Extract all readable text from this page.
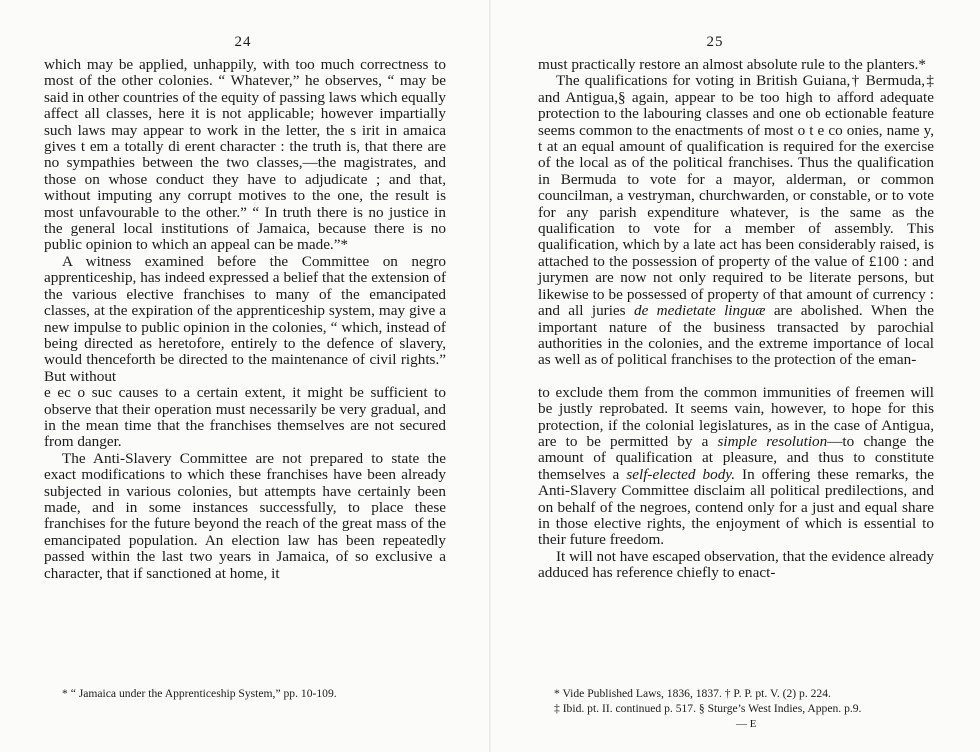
24

which may be applied, unhappily, with too much correctness to most of the other colonies. “ Whatever,” he observes, “ may be said in other countries of the equity of passing laws which equally affect all classes, here it is not applicable; however impartially such laws may appear to work in the letter, the s irit in amaica gives t em a totally di erent character : the truth is, that there are no sympathies between the two classes,—the magistrates, and those on whose conduct they have to adjudicate ; and that, without imputing any corrupt motives to the one, the result is most unfavourable to the other.” “ In truth there is no justice in the general local institutions of Jamaica, because there is no public opinion to which an appeal can be made.”*

A witness examined before the Committee on negro apprenticeship, has indeed expressed a belief that the extension of the various elective franchises to many of the emancipated classes, at the expiration of the apprenticeship system, may give a new impulse to public opinion in the colonies, “ which, instead of being directed as heretofore, entirely to the defence of slavery, would thenceforth be directed to the maintenance of civil rights.” But without

e ec o suc causes to a certain extent, it might be sufficient to observe that their operation must necessarily be very gradual, and in the mean time that the franchises themselves are not secured from danger.

The Anti-Slavery Committee are not prepared to state the exact modifications to which these franchises have been already subjected in various colonies, but attempts have certainly been made, and in some instances successfully, to place these franchises for the future beyond the reach of the great mass of the emancipated population. An election law has been repeatedly passed within the last two years in Jamaica, of so exclusive a character, that if sanctioned at home, it

* “ Jamaica under the Apprenticeship System,” pp. 10-109.
25

must practically restore an almost absolute rule to the planters.*

The qualifications for voting in British Guiana,† Bermuda,‡ and Antigua,§ again, appear to be too high to afford adequate protection to the labouring classes and one ob ectionable feature seems common to the enactments of most o t e co onies, name y, t at an equal amount of qualification is required for the exercise of the local as of the political franchises. Thus the qualification in Bermuda to vote for a mayor, alderman, or common councilman, a vestryman, churchwarden, or constable, or to vote for any parish expenditure whatever, is the same as the qualification to vote for a member of assembly. This qualification, which by a late act has been considerably raised, is attached to the possession of property of the value of £100 : and jurymen are now not only required to be literate persons, but likewise to be possessed of property of that amount of currency : and all juries de medietate linguæ are abolished. When the important nature of the business transacted by parochial authorities in the colonies, and the extreme importance of local as well as of political franchises to the protection of the eman-

to exclude them from the common immunities of freemen will be justly reprobated. It seems vain, however, to hope for this protection, if the colonial legislatures, as in the case of Antigua, are to be permitted by a simple resolution—to change the amount of qualification at pleasure, and thus to constitute themselves a self-elected body. In offering these remarks, the Anti-Slavery Committee disclaim all political predilections, and on behalf of the negroes, contend only for a just and equal share in those elective rights, the enjoyment of which is essential to their future freedom.

It will not have escaped observation, that the evidence already adduced has reference chiefly to enact-

* Vide Published Laws, 1836, 1837. † P. P. pt. V. (2) p. 224.
‡ Ibid. pt. II. continued p. 517. § Sturge’s West Indies, Appen. p.9.
— E
